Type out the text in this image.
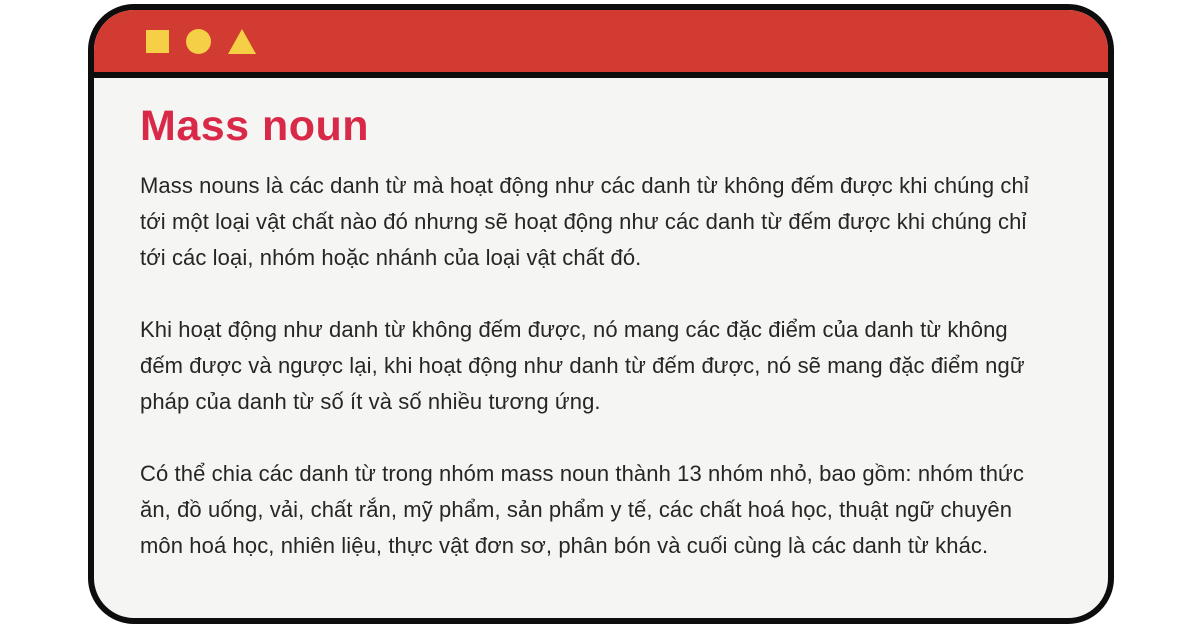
Mass noun

Mass nouns là các danh từ mà hoạt động như các danh từ không đếm được khi chúng chỉ tới một loại vật chất nào đó nhưng sẽ hoạt động như các danh từ đếm được khi chúng chỉ tới các loại, nhóm hoặc nhánh của loại vật chất đó.

Khi hoạt động như danh từ không đếm được, nó mang các đặc điểm của danh từ không đếm được và ngược lại, khi hoạt động như danh từ đếm được, nó sẽ mang đặc điểm ngữ pháp của danh từ số ít và số nhiều tương ứng.

Có thể chia các danh từ trong nhóm mass noun thành 13 nhóm nhỏ, bao gồm: nhóm thức ăn, đồ uống, vải, chất rắn, mỹ phẩm, sản phẩm y tế, các chất hoá học, thuật ngữ chuyên môn hoá học, nhiên liệu, thực vật đơn sơ, phân bón và cuối cùng là các danh từ khác.
